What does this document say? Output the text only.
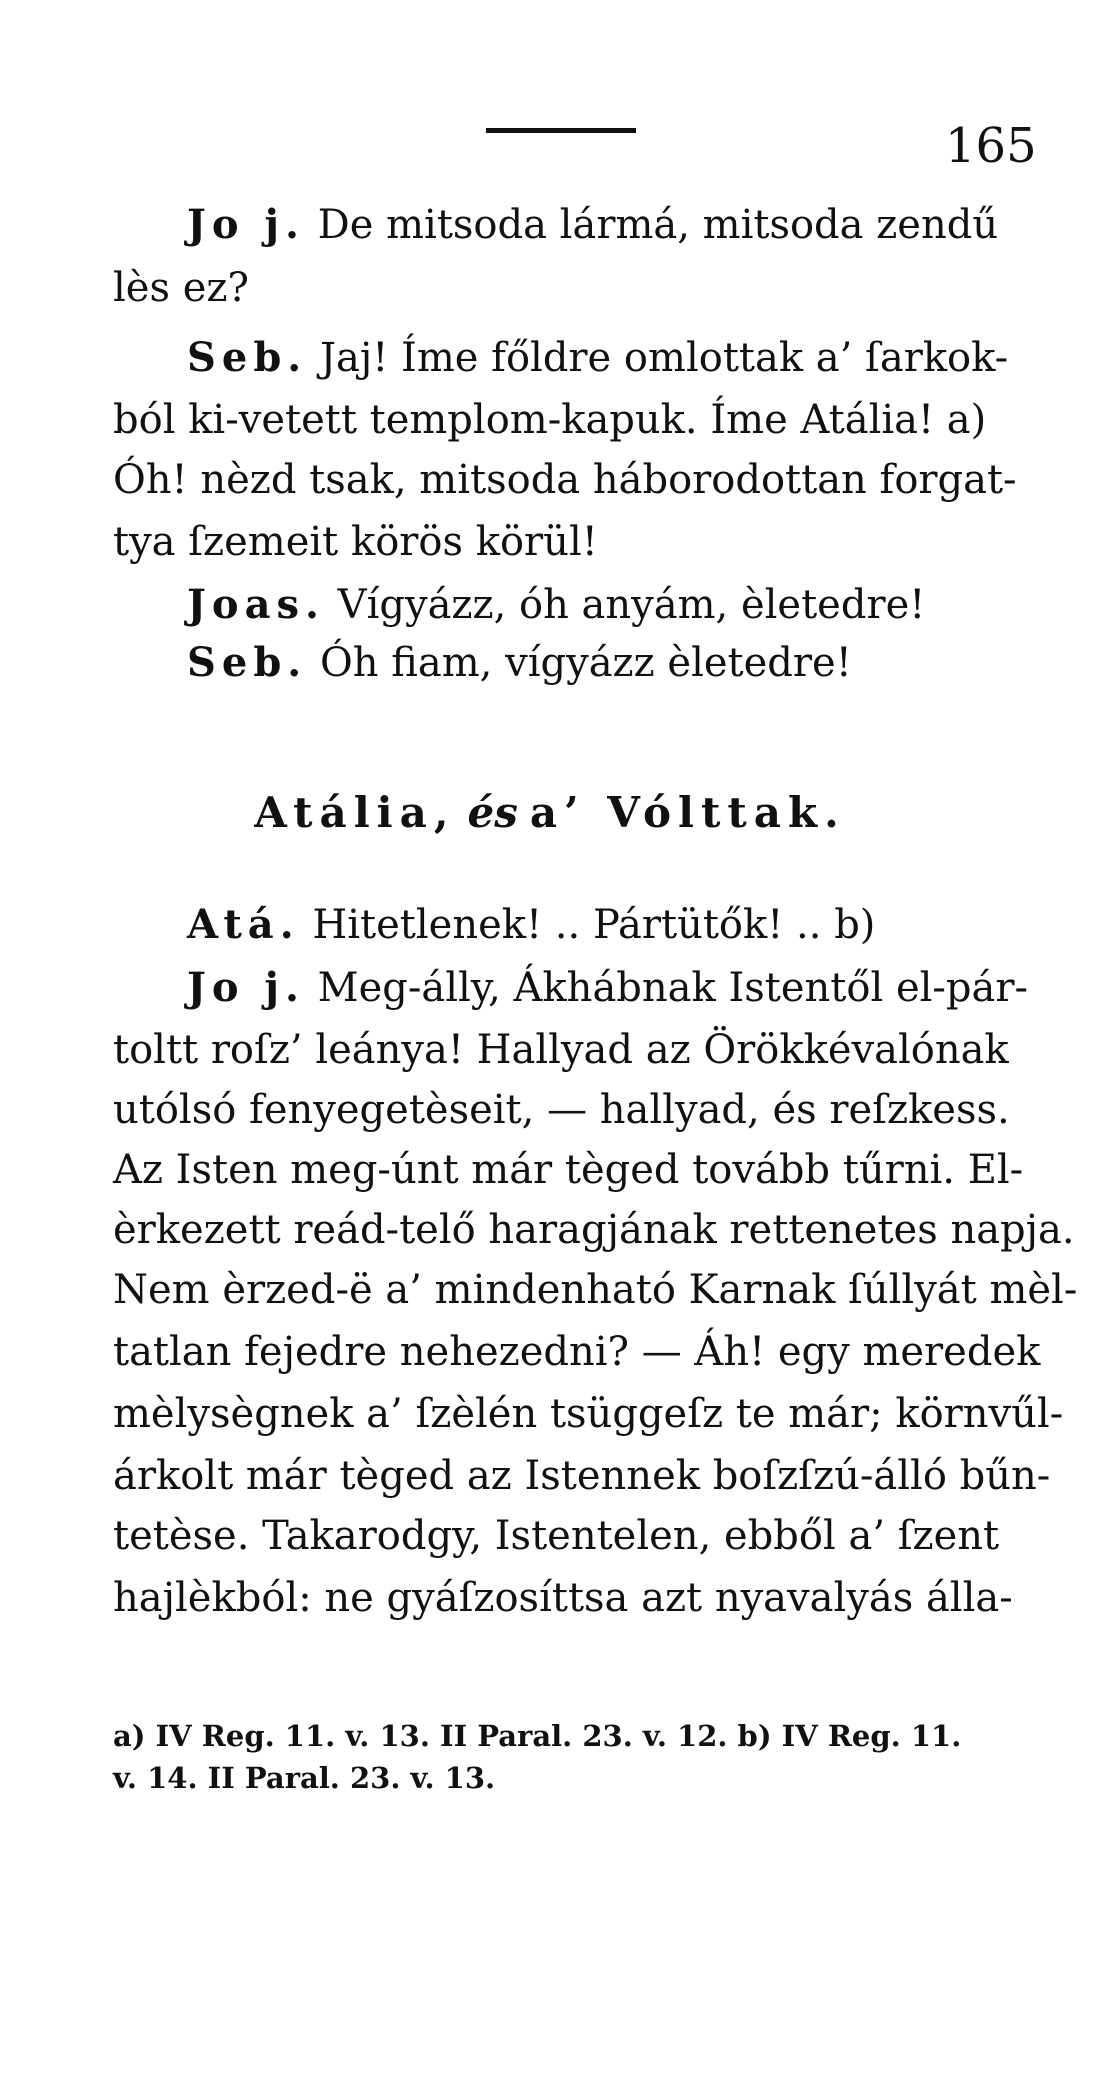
165
Jo j. De mitsoda lármá, mitsoda zendű
lès ez?
Seb. Jaj! Íme főldre omlottak a’ ſarkok-
ból ki-vetett templom-kapuk. Íme Atália! a)
Óh! nèzd tsak, mitsoda háborodottan forgat-
tya ſzemeit körös körül!
Joas. Vígyázz, óh anyám, èletedre!
Seb. Óh fiam, vígyázz èletedre!
Atália, és a’ Vólttak.
Atá. Hitetlenek! .. Pártütők! .. b)
Jo j. Meg-álly, Ákhábnak Istentől el-pár-
toltt roſz’ leánya! Hallyad az Örökkévalónak
utólsó fenyegetèseit, — hallyad, és reſzkess.
Az Isten meg-únt már tèged tovább tűrni. El-
èrkezett reád-telő haragjának rettenetes napja.
Nem èrzed-ë a’ mindenható Karnak ſúllyát mèl-
tatlan fejedre nehezedni? — Áh! egy meredek
mèlysègnek a’ ſzèlén tsüggeſz te már; körnvűl-
árkolt már tèged az Istennek boſzſzú-álló bűn-
tetèse. Takarodgy, Istentelen, ebből a’ ſzent
hajlèkból: ne gyáſzosíttsa azt nyavalyás álla-
a) IV Reg. 11. v. 13. II Paral. 23. v. 12. b) IV Reg. 11.
v. 14. II Paral. 23. v. 13.
